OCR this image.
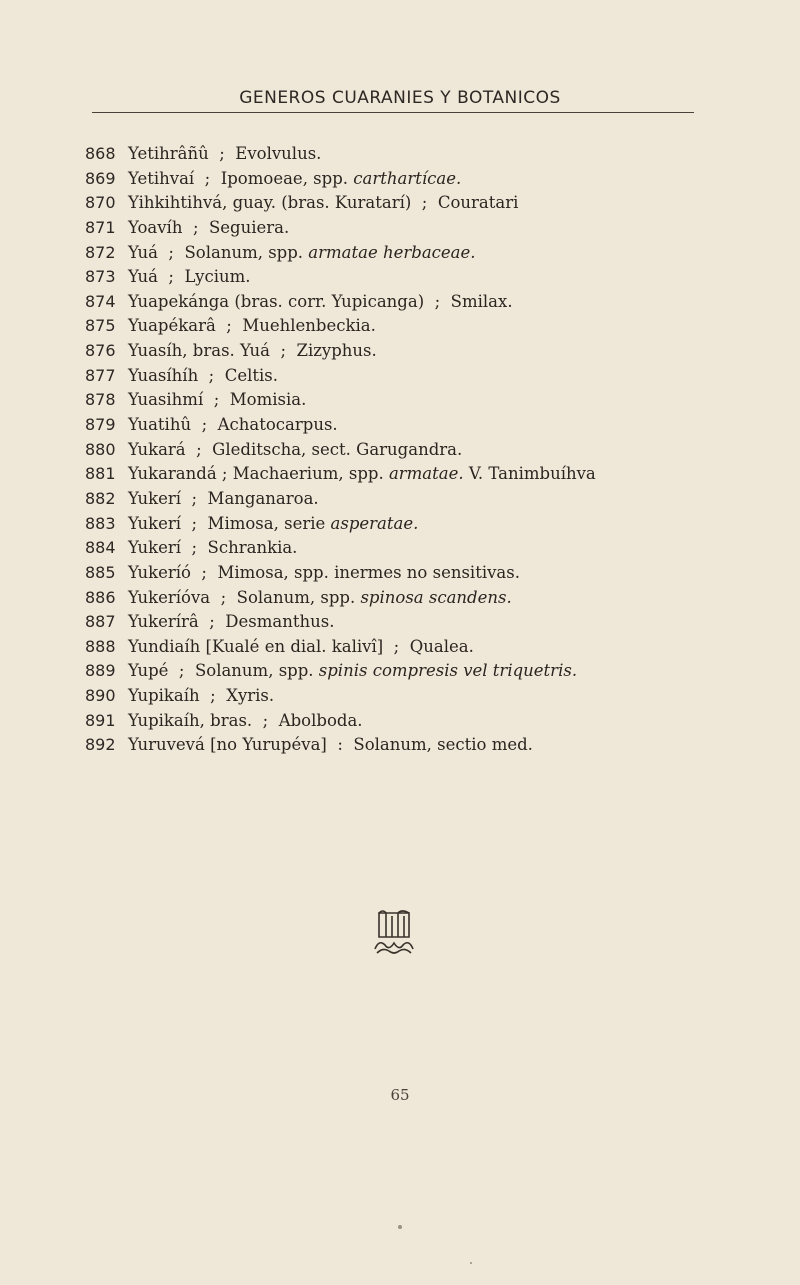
GENEROS CUARANIES Y BOTANICOS
868 Yetihrâñû  ;  Evolvulus.
869 Yetihvaí  ;  Ipomoeae, spp. carthartícae.
870 Yihkihtihvá, guay. (bras. Kuratarí)  ;  Couratari
871 Yoavíh  ;  Seguiera.
872 Yuá  ;  Solanum, spp. armatae herbaceae.
873 Yuá  ;  Lycium.
874 Yuapekánga (bras. corr. Yupicanga)  ;  Smilax.
875 Yuapékarâ  ;  Muehlenbeckia.
876 Yuasíh, bras. Yuá  ;  Zizyphus.
877 Yuasíhíh  ;  Celtis.
878 Yuasihmí  ;  Momisia.
879 Yuatihû  ;  Achatocarpus.
880 Yukará  ;  Gleditscha, sect. Garugandra.
881 Yukarandá ; Machaerium, spp. armatae. V. Tanimbuíhva
882 Yukerí  ;  Manganaroa.
883 Yukerí  ;  Mimosa, serie asperatae.
884 Yukerí  ;  Schrankia.
885 Yukeríó  ;  Mimosa, spp. inermes no sensitivas.
886 Yukeríóva  ;  Solanum, spp. spinosa scandens.
887 Yukerírâ  ;  Desmanthus.
888 Yundiaíh [Kualé en dial. kalivî]  ;  Qualea.
889 Yupé  ;  Solanum, spp. spinis compresis vel triquetris.
890 Yupikaíh  ;  Xyris.
891 Yupikaíh, bras.  ;  Abolboda.
892 Yuruvevá [no Yurupéva]  :  Solanum, sectio med.
65
